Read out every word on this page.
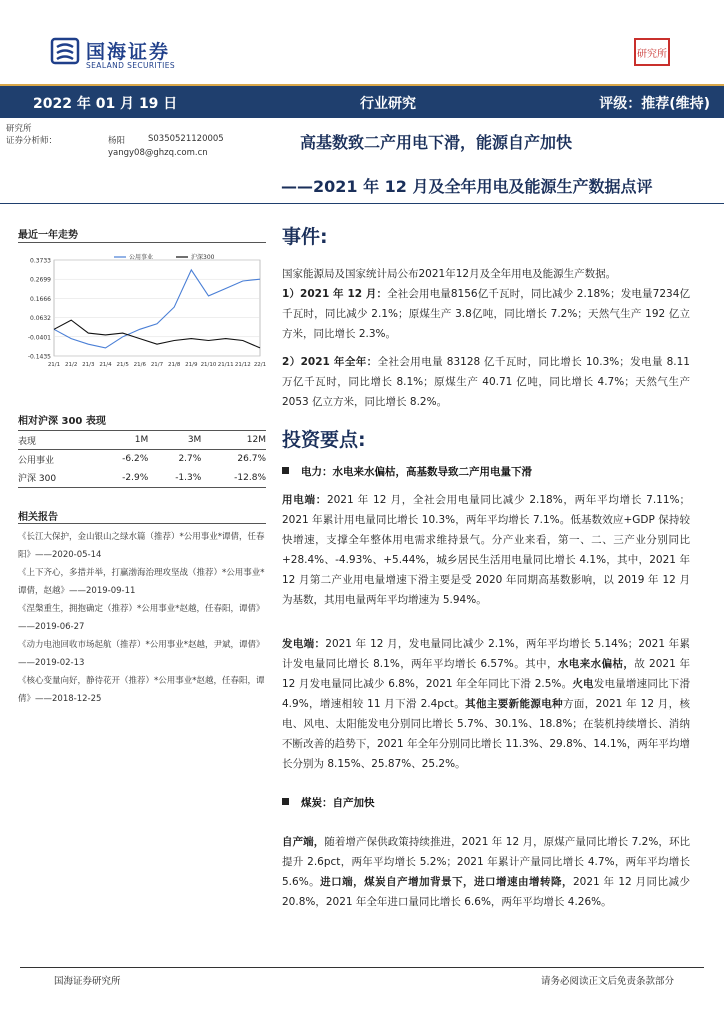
国海证券
SEALAND SECURITIES
研究所
2022 年 01 月 19 日	行业研究	评级：推荐(维持)
研究所
证券分析师：	杨阳	S0350521120005
yangy08@ghzq.com.cn
高基数致二产用电下滑，能源自产加快
——2021 年 12 月及全年用电及能源生产数据点评
最近一年走势
0.3733
0.2699
0.1666
0.0632
-0.0401
-0.1435
21/1 21/2 21/3 21/4 21/5 21/6 21/7 21/8 21/9 21/10 21/11 21/12 22/1
公用事业	沪深300
相对沪深 300 表现
表现	1M	3M	12M
公用事业	-6.2%	2.7%	26.7%
沪深 300	-2.9%	-1.3%	-12.8%
相关报告
《长江大保护，金山银山之绿水篇（推荐）*公用事业*谭倩，任春阳》——2020-05-14
《上下齐心，多措并举，打赢渤海治理攻坚战（推荐）*公用事业*谭倩，赵越》——2019-09-11
《涅槃重生，拥抱确定（推荐）*公用事业*赵越，任春阳，谭倩》——2019-06-27
《动力电池回收市场起航（推荐）*公用事业*赵越，尹斌，谭倩》——2019-02-13
《核心变量向好，静待花开（推荐）*公用事业*赵越，任春阳，谭倩》——2018-12-25
事件:
国家能源局及国家统计局公布2021年12月及全年用电及能源生产数据。
1）2021 年 12 月：全社会用电量8156亿千瓦时，同比减少 2.18%；发电量7234亿千瓦时，同比减少 2.1%；原煤生产 3.8亿吨，同比增长 7.2%；天然气生产 192 亿立方米，同比增长 2.3%。
2）2021 年全年：全社会用电量 83128 亿千瓦时，同比增长 10.3%；发电量 8.11 万亿千瓦时，同比增长 8.1%；原煤生产 40.71 亿吨，同比增长 4.7%；天然气生产 2053 亿立方米，同比增长 8.2%。
投资要点:
电力：水电来水偏枯，高基数导致二产用电量下滑
用电端：2021 年 12 月，全社会用电量同比减少 2.18%，两年平均增长 7.11%；2021 年累计用电量同比增长 10.3%，两年平均增长 7.1%。低基数效应+GDP 保持较快增速，支撑全年整体用电需求维持景气。分产业来看，第一、二、三产业分别同比+28.4%、-4.93%、+5.44%，城乡居民生活用电量同比增长 4.1%，其中，2021 年 12 月第二产业用电量增速下滑主要是受 2020 年同期高基数影响，以 2019 年 12 月为基数，其用电量两年平均增速为 5.94%。
发电端：2021 年 12 月，发电量同比减少 2.1%，两年平均增长 5.14%；2021 年累计发电量同比增长 8.1%，两年平均增长 6.57%。其中，水电来水偏枯，故 2021 年 12 月发电量同比减少 6.8%，2021 年全年同比下滑 2.5%。火电发电量增速同比下滑 4.9%，增速相较 11 月下滑 2.4pct。其他主要新能源电种方面，2021 年 12 月，核电、风电、太阳能发电分别同比增长 5.7%、30.1%、18.8%；在装机持续增长、消纳不断改善的趋势下，2021 年全年分别同比增长 11.3%、29.8%、14.1%，两年平均增长分别为 8.15%、25.87%、25.2%。
煤炭：自产加快
自产端，随着增产保供政策持续推进，2021 年 12 月，原煤产量同比增长 7.2%，环比提升 2.6pct，两年平均增长 5.2%；2021 年累计产量同比增长 4.7%，两年平均增长 5.6%。进口端，煤炭自产增加背景下，进口增速由增转降，2021 年 12 月同比减少 20.8%，2021 年全年进口量同比增长 6.6%，两年平均增长 4.26%。
国海证券研究所	请务必阅读正文后免责条款部分
